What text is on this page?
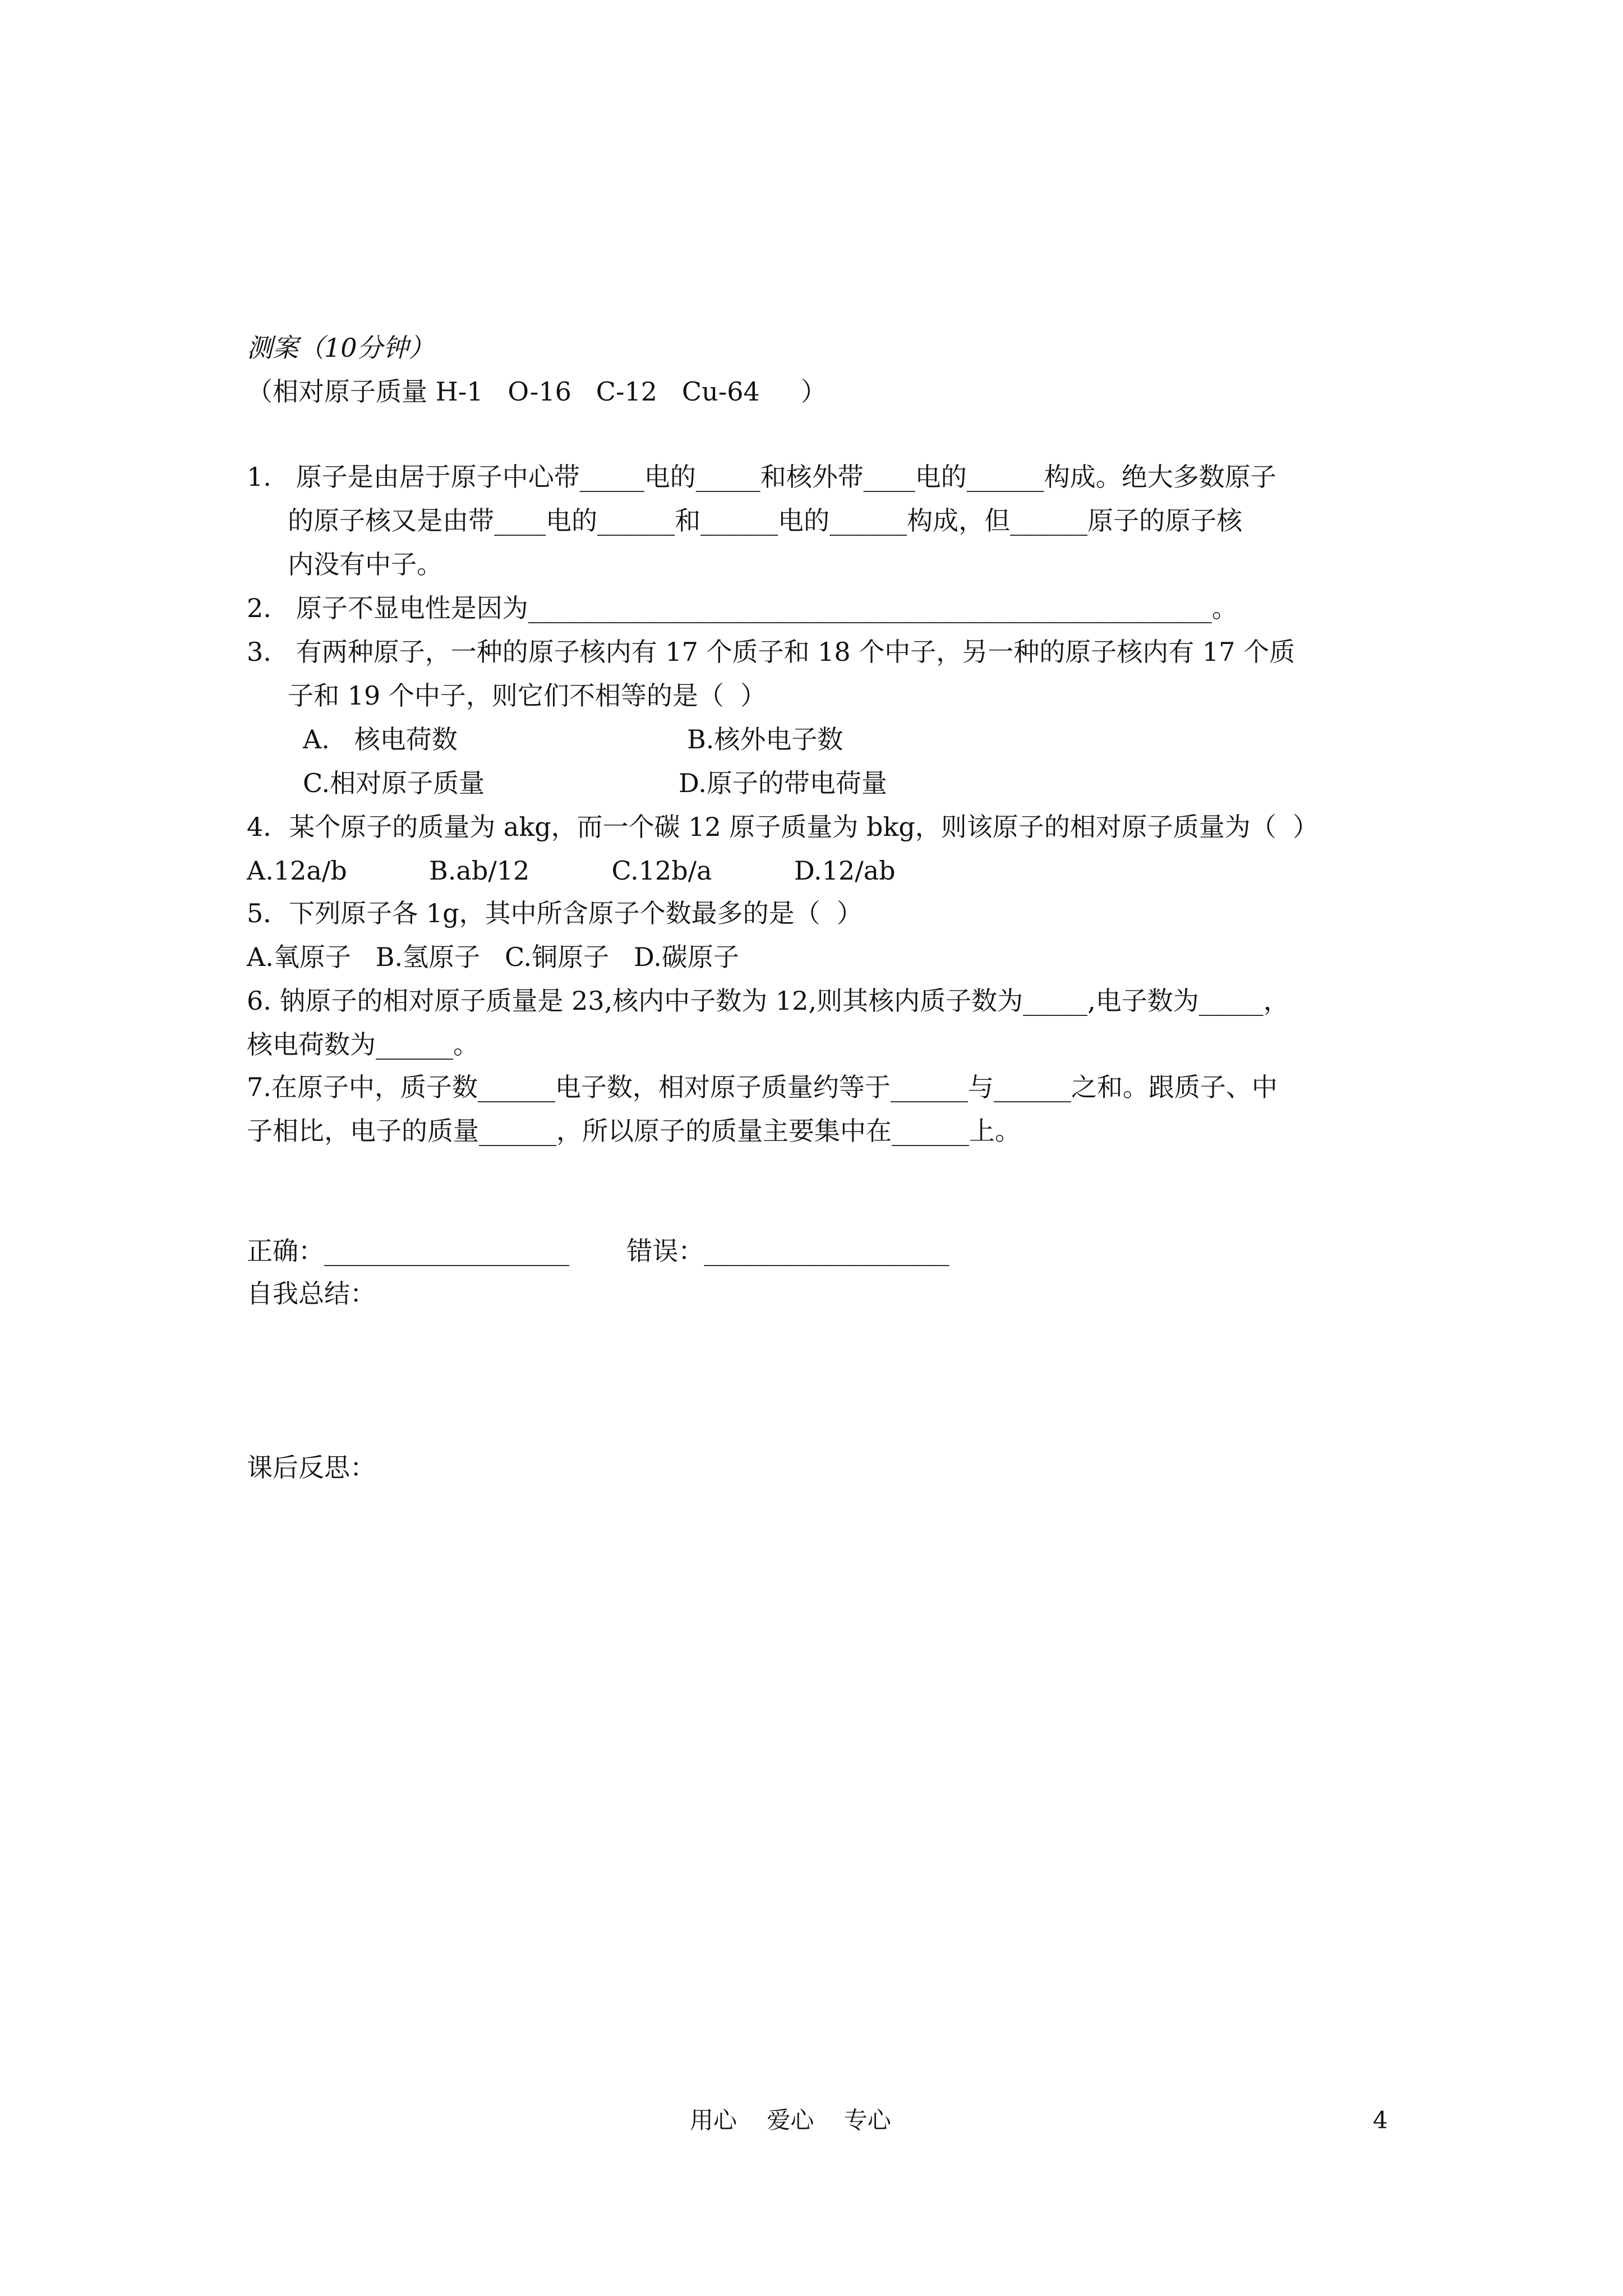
测案（10分钟）
（相对原子质量 H-1   O-16   C-12   Cu-64     ）
1.   原子是由居于原子中心带_____电的_____和核外带____电的______构成。绝大多数原子
的原子核又是由带____电的______和______电的______构成，但______原子的原子核
内没有中子。
2.   原子不显电性是因为_____________________________________________________。
3.   有两种原子，一种的原子核内有 17 个质子和 18 个中子，另一种的原子核内有 17 个质
子和 19 个中子，则它们不相等的是（  ）
A.   核电荷数	B.核外电子数
C.相对原子质量	D.原子的带电荷量
4．某个原子的质量为 akg，而一个碳 12 原子质量为 bkg，则该原子的相对原子质量为（  ）
A.12a/b          B.ab/12          C.12b/a          D.12/ab
5．下列原子各 1g，其中所含原子个数最多的是（  ）
A.氧原子   B.氢原子   C.铜原子   D.碳原子
6. 钠原子的相对原子质量是 23,核内中子数为 12,则其核内质子数为_____,电子数为_____，
核电荷数为______。
7.在原子中，质子数______电子数，相对原子质量约等于______与______之和。跟质子、中
子相比，电子的质量______，所以原子的质量主要集中在______上。
正确：___________________       错误：___________________
自我总结：
课后反思：
用心    爱心    专心	4
